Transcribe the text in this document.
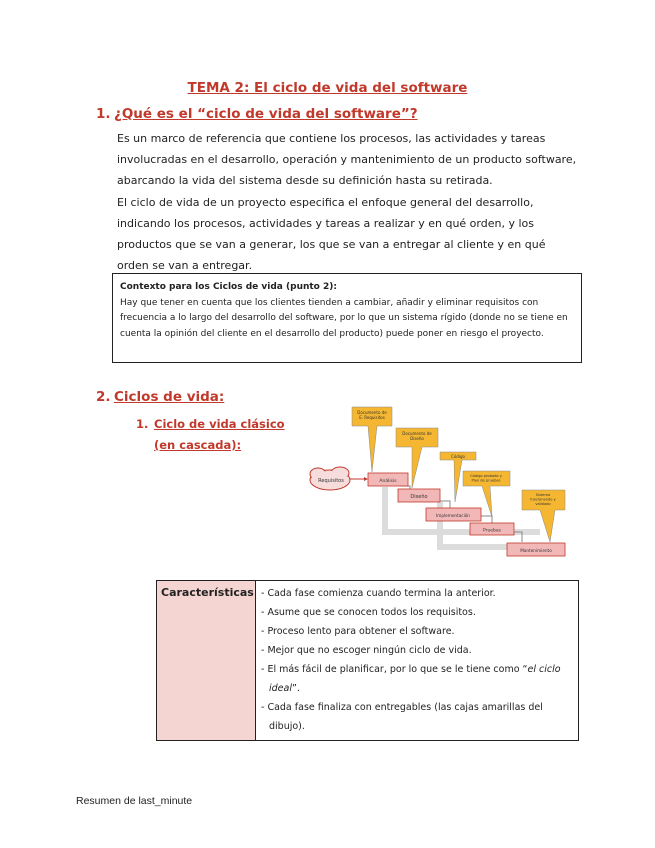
TEMA 2: El ciclo de vida del software
1. ¿Qué es el “ciclo de vida del software”?

Es un marco de referencia que contiene los procesos, las actividades y tareas involucradas en el desarrollo, operación y mantenimiento de un producto software, abarcando la vida del sistema desde su definición hasta su retirada.

El ciclo de vida de un proyecto especifica el enfoque general del desarrollo, indicando los procesos, actividades y tareas a realizar y en qué orden, y los productos que se van a generar, los que se van a entregar al cliente y en qué orden se van a entregar.

Contexto para los Ciclos de vida (punto 2):
Hay que tener en cuenta que los clientes tienden a cambiar, añadir y eliminar requisitos con frecuencia a lo largo del desarrollo del software, por lo que un sistema rígido (donde no se tiene en cuenta la opinión del cliente en el desarrollo del producto) puede poner en riesgo el proyecto.
2. Ciclos de vida:
1. Ciclo de vida clásico (en cascada):
Requisitos
Documento de E. Requisitos
Documento de Diseño
Código
Código probado y Plan de pruebas
Sistema funcionando y validado
Análisis
Diseño
Implementación
Pruebas
Mantenimiento
Características	- Cada fase comienza cuando termina la anterior.
- Asume que se conocen todos los requisitos.
- Proceso lento para obtener el software.
- Mejor que no escoger ningún ciclo de vida.
- El más fácil de planificar, por lo que se le tiene como “el ciclo ideal”.
- Cada fase finaliza con entregables (las cajas amarillas del dibujo).
Resumen de last_minute
